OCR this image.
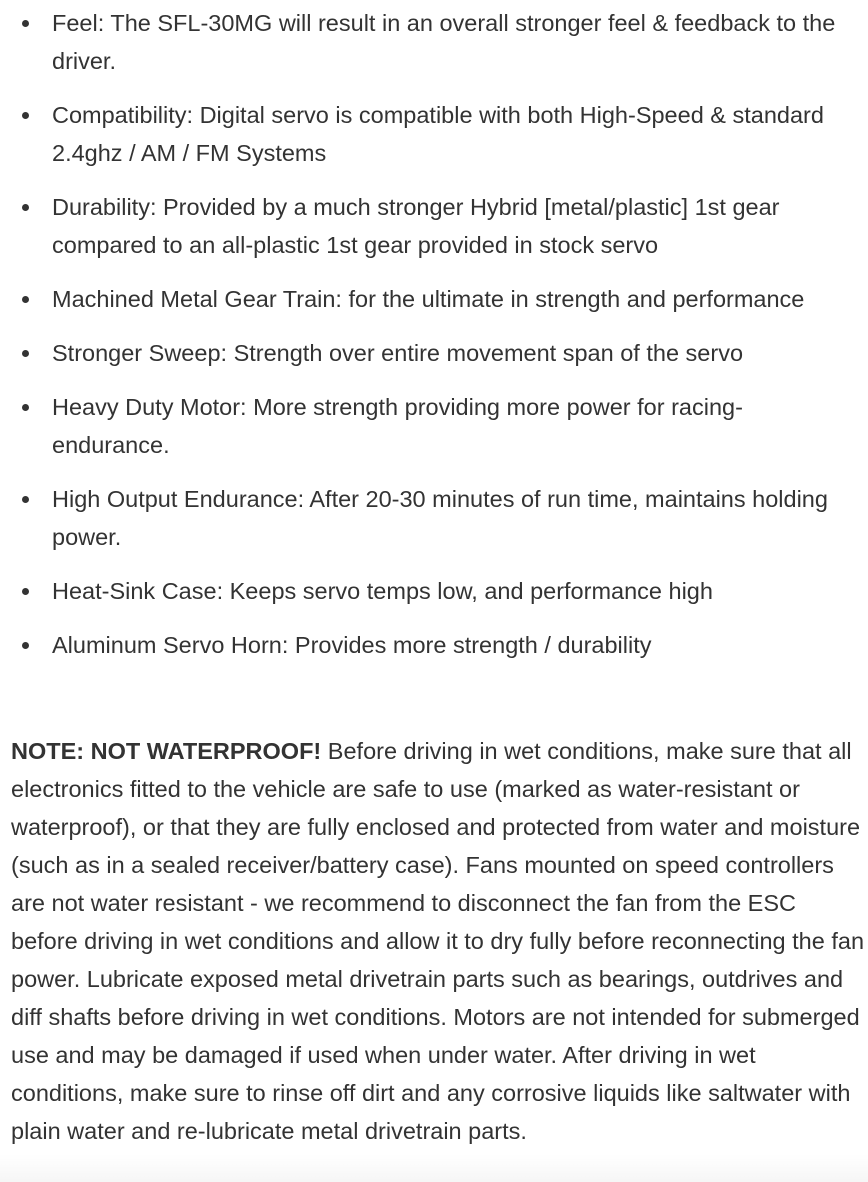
Feel: The SFL-30MG will result in an overall stronger feel & feedback to the driver.
Compatibility: Digital servo is compatible with both High-Speed & standard 2.4ghz / AM / FM Systems
Durability: Provided by a much stronger Hybrid [metal/plastic] 1st gear compared to an all-plastic 1st gear provided in stock servo
Machined Metal Gear Train: for the ultimate in strength and performance
Stronger Sweep: Strength over entire movement span of the servo
Heavy Duty Motor: More strength providing more power for racing-endurance.
High Output Endurance: After 20-30 minutes of run time, maintains holding power.
Heat-Sink Case: Keeps servo temps low, and performance high
Aluminum Servo Horn: Provides more strength / durability

NOTE: NOT WATERPROOF! Before driving in wet conditions, make sure that all electronics fitted to the vehicle are safe to use (marked as water-resistant or waterproof), or that they are fully enclosed and protected from water and moisture (such as in a sealed receiver/battery case). Fans mounted on speed controllers are not water resistant - we recommend to disconnect the fan from the ESC before driving in wet conditions and allow it to dry fully before reconnecting the fan power. Lubricate exposed metal drivetrain parts such as bearings, outdrives and diff shafts before driving in wet conditions. Motors are not intended for submerged use and may be damaged if used when under water. After driving in wet conditions, make sure to rinse off dirt and any corrosive liquids like saltwater with plain water and re-lubricate metal drivetrain parts.
